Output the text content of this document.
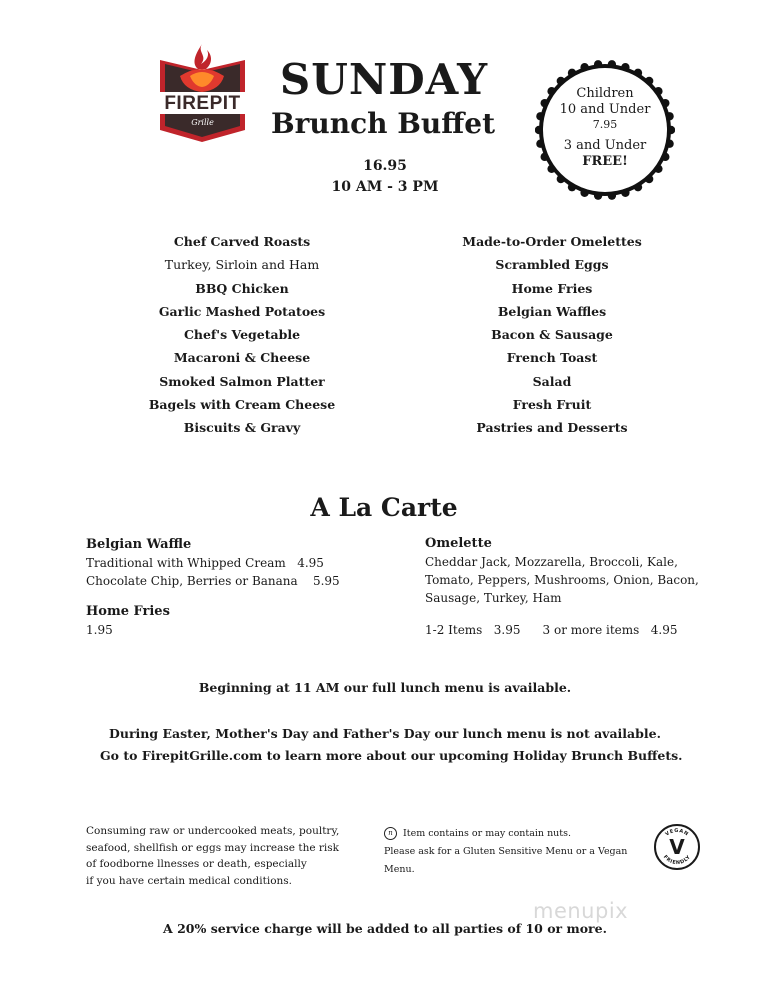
FIREPIT
Grille
SUNDAY
Brunch Buffet
16.95
10 AM - 3 PM
Children
10 and Under
7.95
3 and Under
FREE!
Chef Carved Roasts
Turkey, Sirloin and Ham
BBQ Chicken
Garlic Mashed Potatoes
Chef's Vegetable
Macaroni & Cheese
Smoked Salmon Platter
Bagels with Cream Cheese
Biscuits & Gravy
Made-to-Order Omelettes
Scrambled Eggs
Home Fries
Belgian Waffles
Bacon & Sausage
French Toast
Salad
Fresh Fruit
Pastries and Desserts
A La Carte
Belgian Waffle
Traditional with Whipped Cream 4.95
Chocolate Chip, Berries or Banana 5.95
Home Fries
1.95
Omelette
Cheddar Jack, Mozzarella, Broccoli, Kale,
Tomato, Peppers, Mushrooms, Onion, Bacon,
Sausage, Turkey, Ham
1-2 Items 3.95 3 or more items 4.95
Beginning at 11 AM our full lunch menu is available.
During Easter, Mother's Day and Father's Day our lunch menu is not available.
Go to FirepitGrille.com to learn more about our upcoming Holiday Brunch Buffets.
Consuming raw or undercooked meats, poultry,
seafood, shellfish or eggs may increase the risk
of foodborne llnesses or death, especially
if you have certain medical conditions.
n Item contains or may contain nuts.
Please ask for a Gluten Sensitive Menu or a Vegan Menu.
VEGAN
FRIENDLY
V
menupix
A 20% service charge will be added to all parties of 10 or more.
